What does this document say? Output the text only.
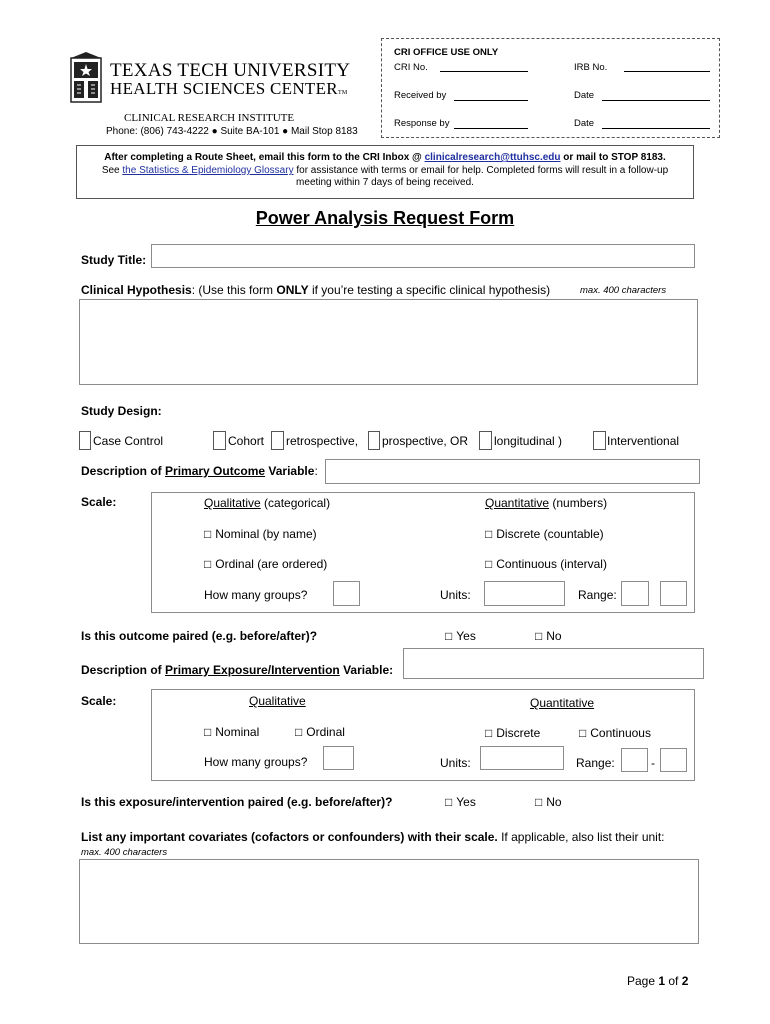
TEXAS TECH UNIVERSITY
HEALTH SCIENCES CENTERTM
CLINICAL RESEARCH INSTITUTE
Phone: (806) 743-4222 ● Suite BA-101 ● Mail Stop 8183
CRI OFFICE USE ONLY
CRI No.	IRB No.
Received by	Date
Response by	Date
After completing a Route Sheet, email this form to the CRI Inbox @ clinicalresearch@ttuhsc.edu or mail to STOP 8183.
See the Statistics & Epidemiology Glossary for assistance with terms or email for help. Completed forms will result in a follow-up
meeting within 7 days of being received.
Power Analysis Request Form
Study Title:
Clinical Hypothesis: (Use this form ONLY if you’re testing a specific clinical hypothesis)	max. 400 characters
Study Design:
Case Control	Cohort retrospective, prospective, OR longitudinal )	Interventional
Description of Primary Outcome Variable:
Scale:	Qualitative (categorical)	Quantitative (numbers)
□ Nominal (by name)	□ Discrete (countable)
□ Ordinal (are ordered)	□ Continuous (interval)
How many groups?	Units:	Range:
Is this outcome paired (e.g. before/after)?	□ Yes	□ No
Description of Primary Exposure/Intervention Variable:
Scale:	Qualitative	Quantitative
□ Nominal	□ Ordinal	□ Discrete	□ Continuous
How many groups?	Units:	Range:	-
Is this exposure/intervention paired (e.g. before/after)?	□ Yes	□ No
List any important covariates (cofactors or confounders) with their scale. If applicable, also list their unit:
max. 400 characters
Page 1 of 2
